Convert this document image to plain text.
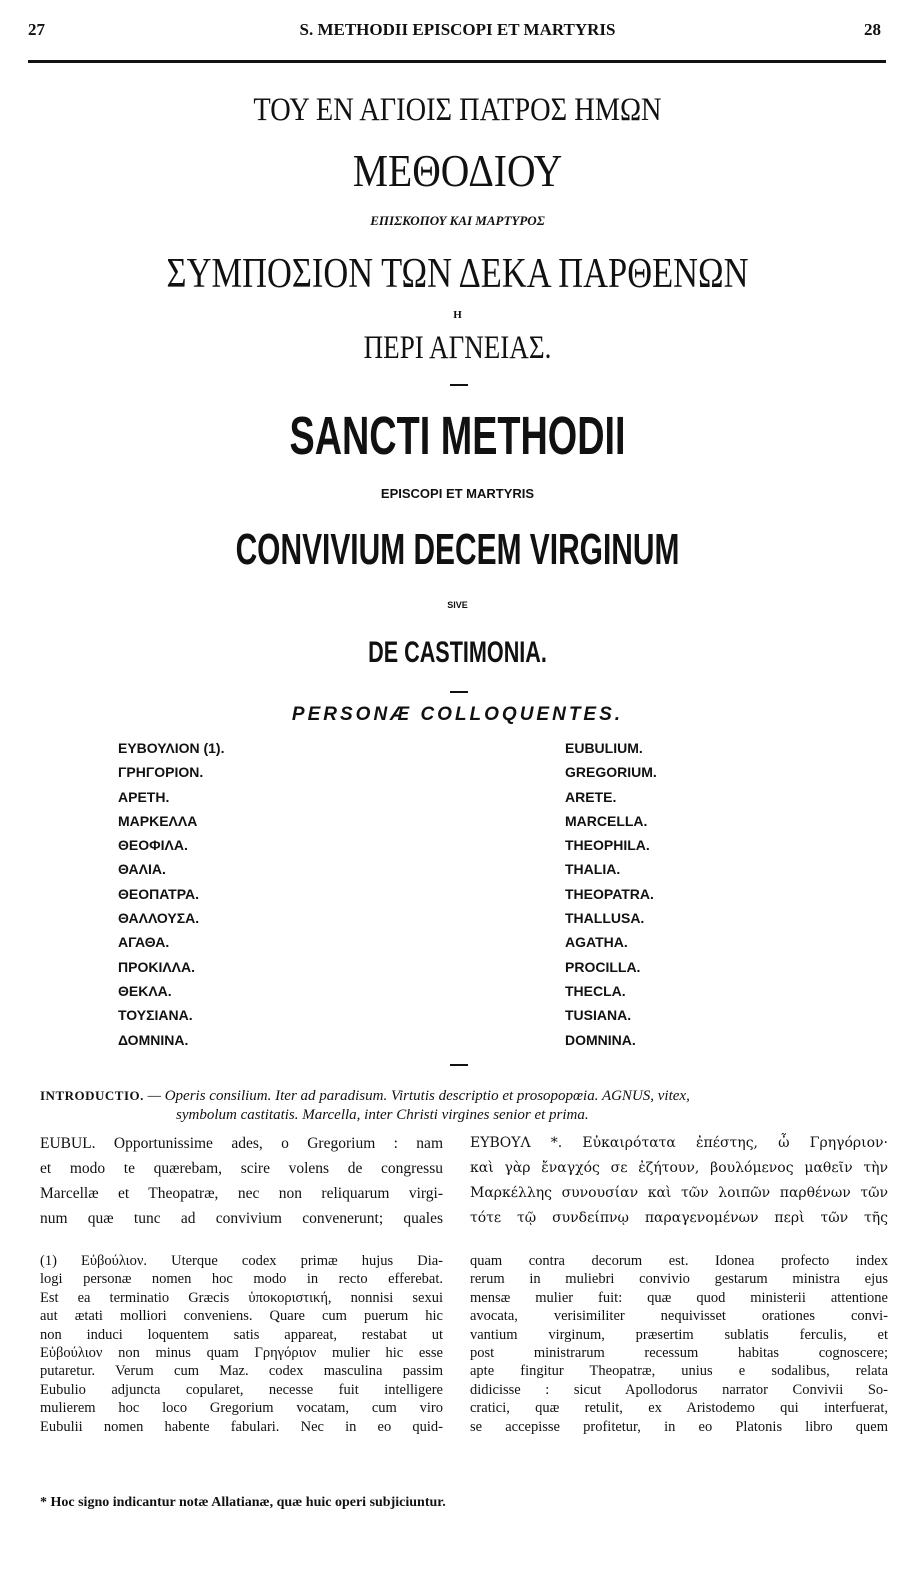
27	S. METHODII EPISCOPI ET MARTYRIS	28
ΤΟΥ ΕΝ ΑΓΙΟΙΣ ΠΑΤΡΟΣ ΗΜΩΝ
ΜΕΘΟΔΙΟΥ
ΕΠΙΣΚΟΠΟΥ ΚΑΙ ΜΑΡΤΥΡΟΣ
ΣΥΜΠΟΣΙΟΝ ΤΩΝ ΔΕΚΑ ΠΑΡΘΕΝΩΝ
Η
ΠΕΡΙ ΑΓΝΕΙΑΣ.
SANCTI METHODII
EPISCOPI ET MARTYRIS
CONVIVIUM DECEM VIRGINUM
SIVE
DE CASTIMONIA.
PERSONÆ COLLOQUENTES.
ΕΥΒΟΥΛΙΟΝ (1).
ΓΡΗΓΟΡΙΟΝ.
ΑΡΕΤΗ.
ΜΑΡΚΕΛΛΑ
ΘΕΟΦΙΛΑ.
ΘΑΛΙΑ.
ΘΕΟΠΑΤΡΑ.
ΘΑΛΛΟΥΣΑ.
ΑΓΑΘΑ.
ΠΡΟΚΙΛΛΑ.
ΘΕΚΛΑ.
ΤΟΥΣΙΑΝΑ.
ΔΟΜΝΙΝΑ.
EUBULIUM.
GREGORIUM.
ARETE.
MARCELLA.
THEOPHILA.
THALIA.
THEOPATRA.
THALLUSA.
AGATHA.
PROCILLA.
THECLA.
TUSIANA.
DOMNINA.
INTRODUCTIO. — Operis consilium. Iter ad paradisum. Virtutis descriptio et prosopopœia. AGNUS, vitex,
symbolum castitatis. Marcella, inter Christi virgines senior et prima.
EUBUL. Opportunissime ades, o Gregorium : nam
et modo te quærebam, scire volens de congressu
Marcellæ et Theopatræ, nec non reliquarum virgi-
num quæ tunc ad convivium convenerunt; quales
ΕΥΒΟΥΛ *. Εὐκαιρότατα ἐπέστης, ὦ Γρηγόριον·
καὶ γὰρ ἔναγχός σε ἐζήτουν, βουλόμενος μαθεῖν τὴν
Μαρκέλλης συνουσίαν καὶ τῶν λοιπῶν παρθένων τῶν
τότε τῷ συνδείπνῳ παραγενομένων περὶ τῶν τῆς
(1) Εὐβούλιον. Uterque codex primæ hujus Dia-
logi personæ nomen hoc modo in recto efferebat.
Est ea terminatio Græcis ὑποκοριστική, nonnisi sexui
aut ætati molliori conveniens. Quare cum puerum hic
non induci loquentem satis appareat, restabat ut
Εὐβούλιον non minus quam Γρηγόριον mulier hic esse
putaretur. Verum cum Maz. codex masculina passim
Eubulio adjuncta copularet, necesse fuit intelligere
mulierem hoc loco Gregorium vocatam, cum viro
Eubulii nomen habente fabulari. Nec in eo quid-
quam contra decorum est. Idonea profecto index
rerum in muliebri convivio gestarum ministra ejus
mensæ mulier fuit: quæ quod ministerii attentione
avocata, verisimiliter nequivisset orationes convi-
vantium virginum, præsertim sublatis ferculis, et
post ministrarum recessum habitas cognoscere;
apte fingitur Theopatræ, unius e sodalibus, relata
didicisse : sicut Apollodorus narrator Convivii So-
cratici, quæ retulit, ex Aristodemo qui interfuerat,
se accepisse profitetur, in eo Platonis libro quem
* Hoc signo indicantur notæ Allatianæ, quæ huic operi subjiciuntur.
